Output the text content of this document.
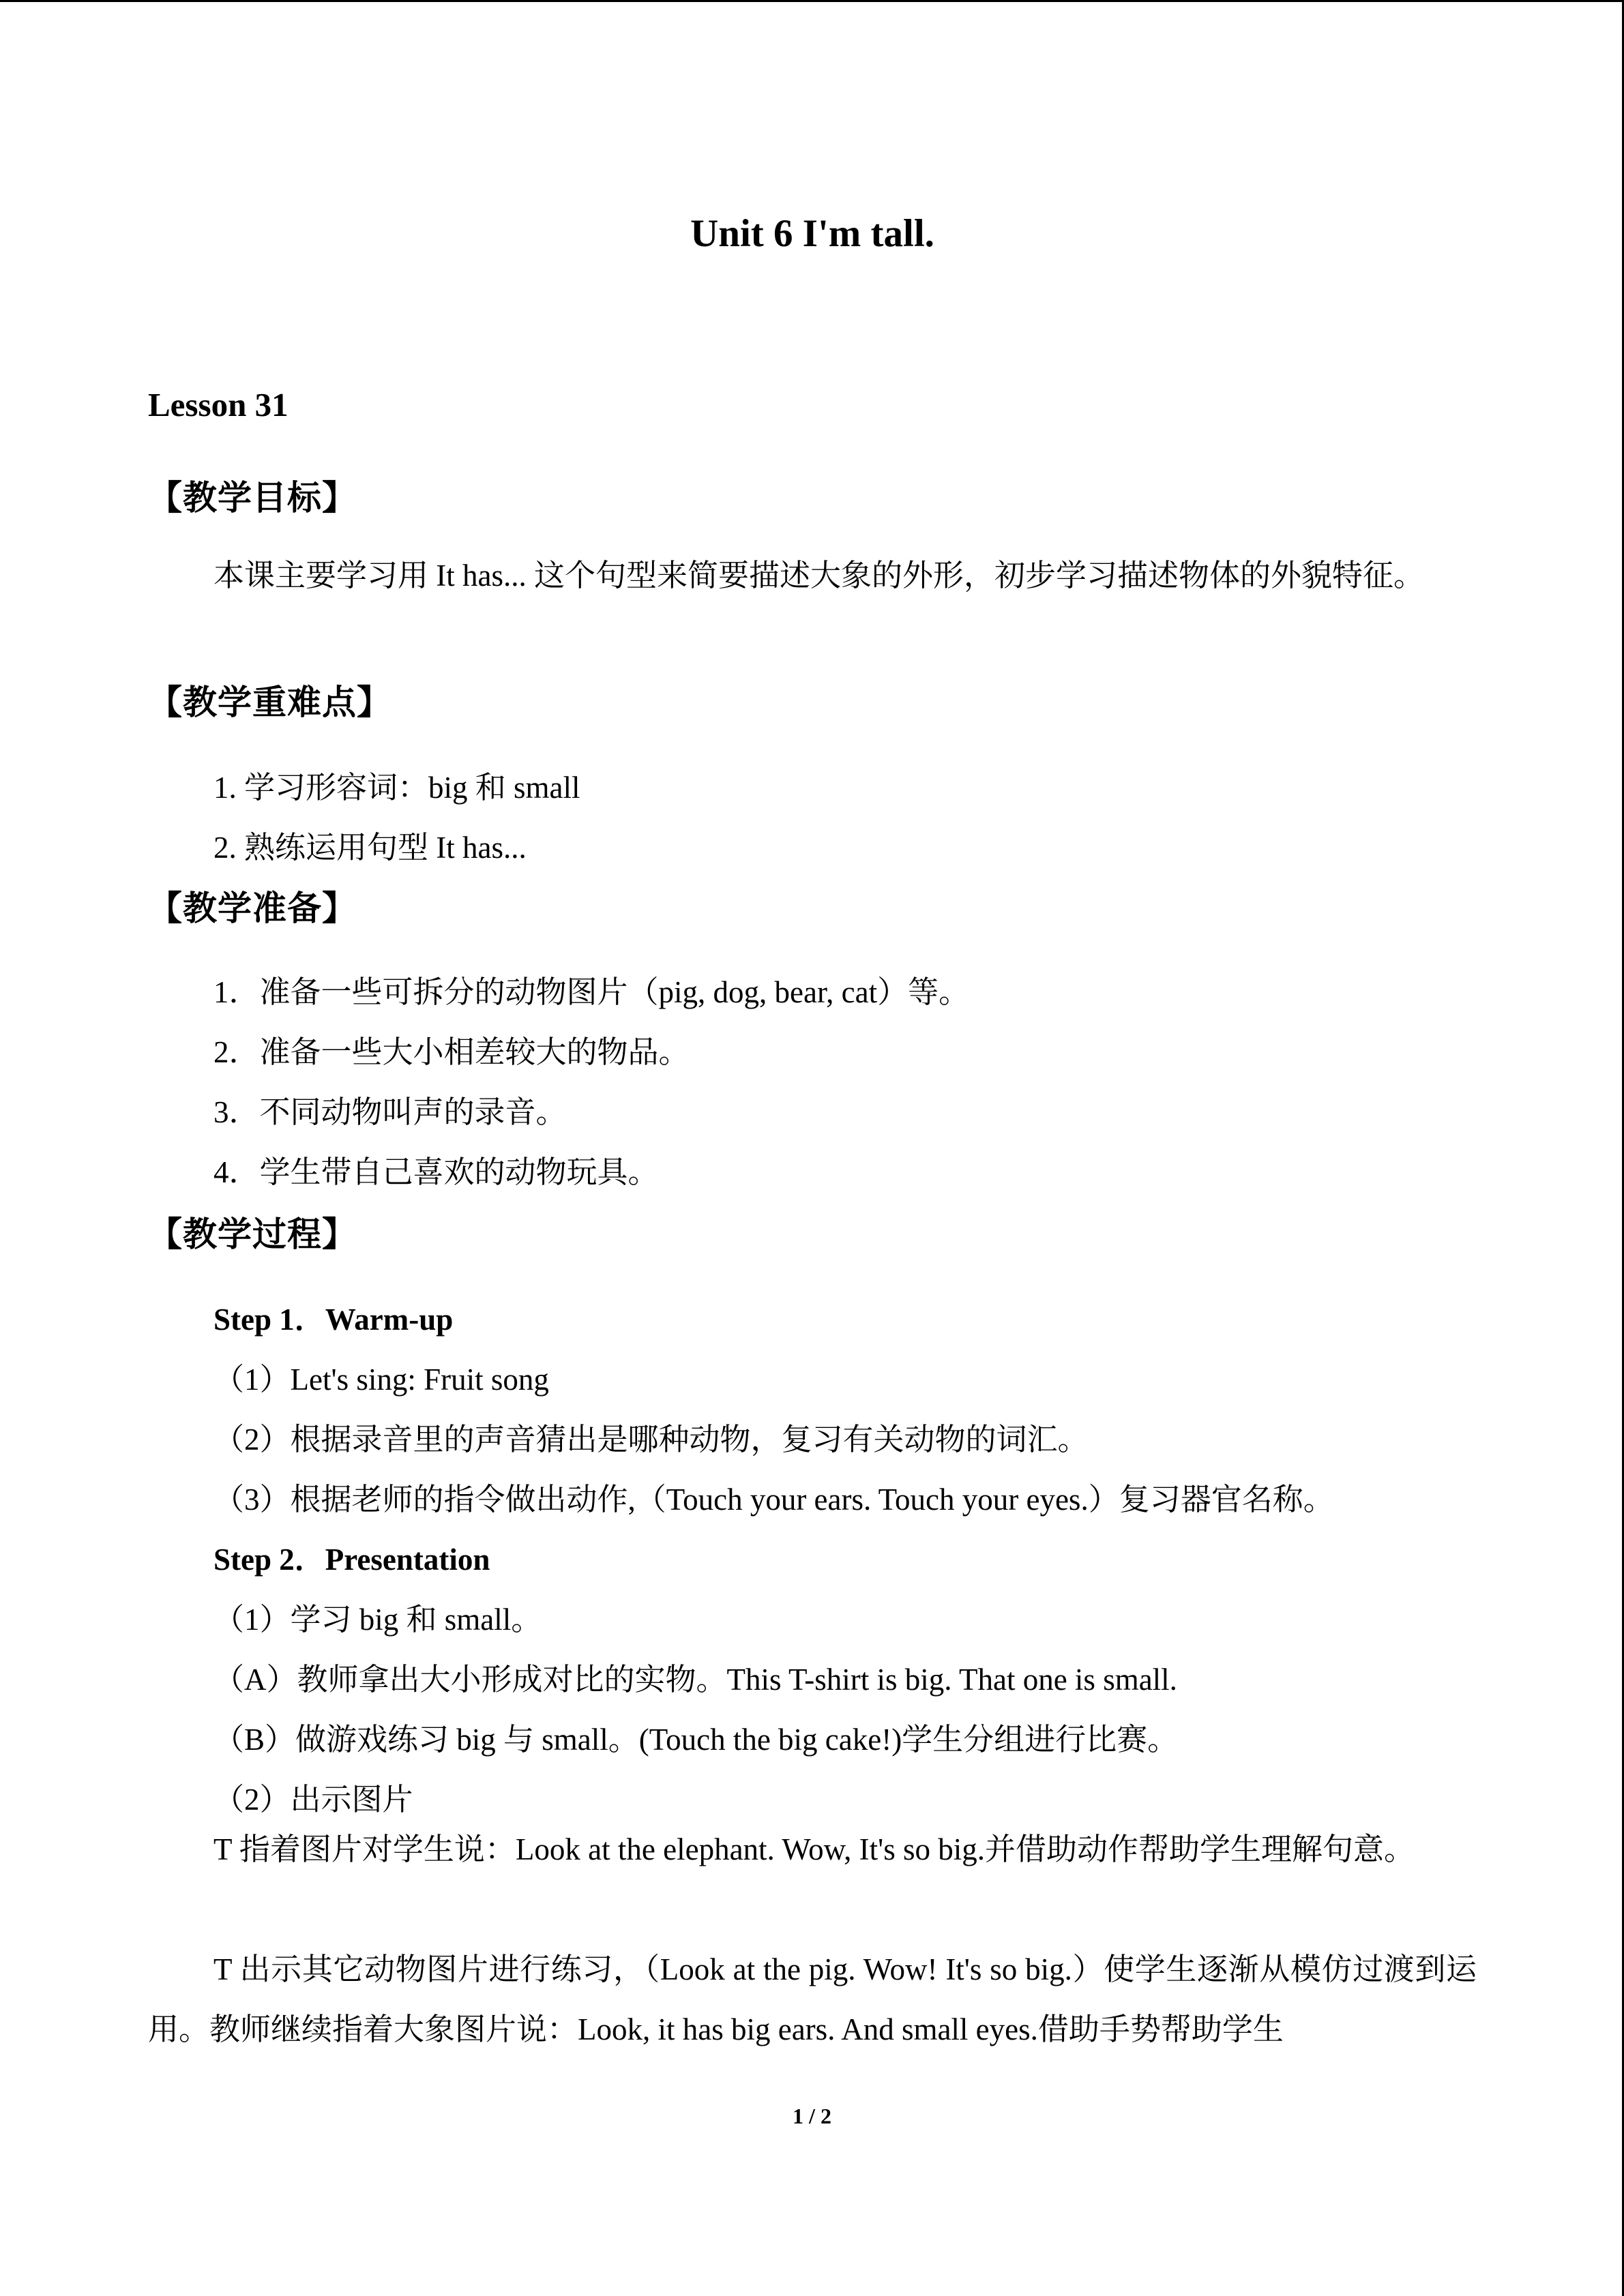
Unit 6 I'm tall.
Lesson 31
【教学目标】
本课主要学习用 It has... 这个句型来简要描述大象的外形，初步学习描述物体的外貌特征。
【教学重难点】
1. 学习形容词：big 和 small
2. 熟练运用句型 It has...
【教学准备】
1．准备一些可拆分的动物图片（pig, dog, bear, cat）等。
2．准备一些大小相差较大的物品。
3．不同动物叫声的录音。
4．学生带自己喜欢的动物玩具。
【教学过程】
Step 1．Warm-up
（1）Let's sing: Fruit song
（2）根据录音里的声音猜出是哪种动物，复习有关动物的词汇。
（3）根据老师的指令做出动作,（Touch your ears. Touch your eyes.）复习器官名称。
Step 2．Presentation
（1）学习 big 和 small。
（A）教师拿出大小形成对比的实物。This T-shirt is big. That one is small.
（B）做游戏练习 big 与 small。(Touch the big cake!)学生分组进行比赛。
（2）出示图片
T 指着图片对学生说：Look at the elephant. Wow, It's so big.并借助动作帮助学生理解句意。
T 出示其它动物图片进行练习，（Look at the pig. Wow! It's so big.）使学生逐渐从模仿过渡到运用。教师继续指着大象图片说：Look, it has big ears. And small eyes.借助手势帮助学生
1 / 2
